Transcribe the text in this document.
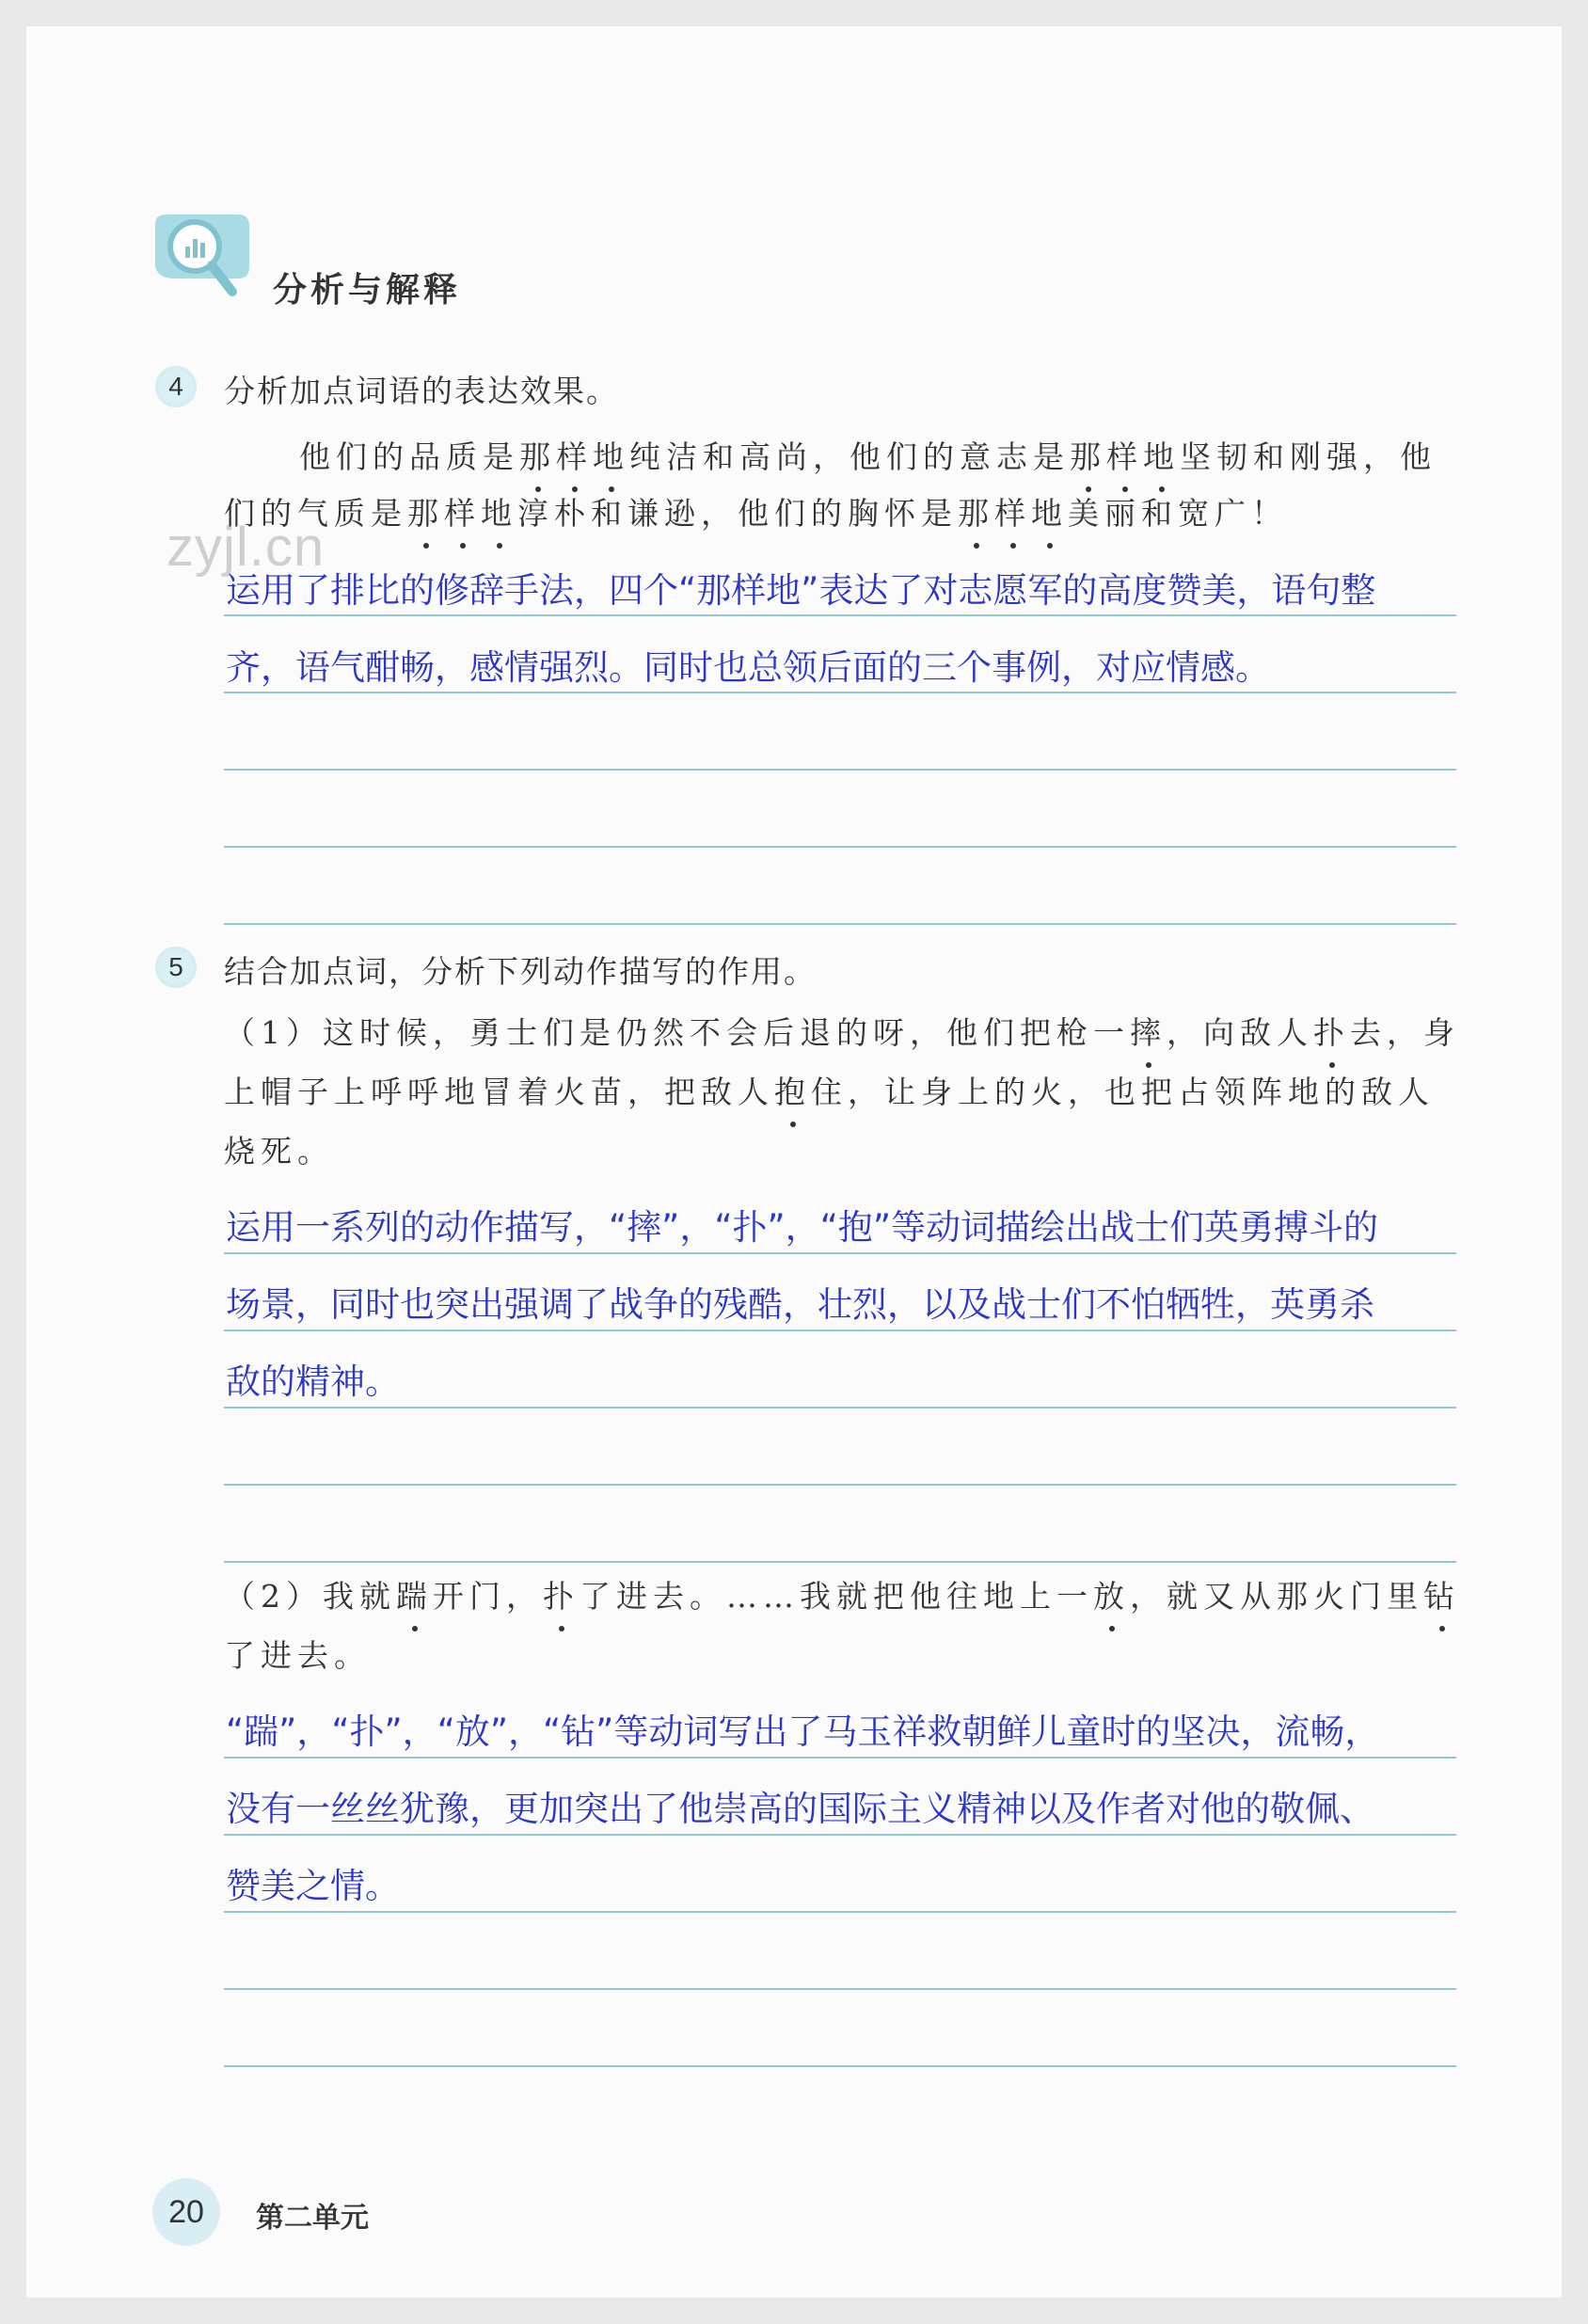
分析与解释
zyjl.cn
4	分析加点词语的表达效果。
他们的品质是那样地纯洁和高尚，他们的意志是那样地坚韧和刚强，他
们的气质是那样地淳朴和谦逊，他们的胸怀是那样地美丽和宽广！
运用了排比的修辞手法，四个“那样地”表达了对志愿军的高度赞美，语句整
齐，语气酣畅，感情强烈。同时也总领后面的三个事例，对应情感。
5	结合加点词，分析下列动作描写的作用。
（1）这时候，勇士们是仍然不会后退的呀，他们把枪一摔，向敌人扑去，身
上帽子上呼呼地冒着火苗，把敌人抱住，让身上的火，也把占领阵地的敌人
烧死。
运用一系列的动作描写，“摔”，“扑”，“抱”等动词描绘出战士们英勇搏斗的
场景，同时也突出强调了战争的残酷，壮烈，以及战士们不怕牺牲，英勇杀
敌的精神。
（2）我就踹开门，扑了进去。……我就把他往地上一放，就又从那火门里钻
了进去。
“踹”，“扑”，“放”，“钻”等动词写出了马玉祥救朝鲜儿童时的坚决，流畅，
没有一丝丝犹豫，更加突出了他崇高的国际主义精神以及作者对他的敬佩、
赞美之情。
20	第二单元
